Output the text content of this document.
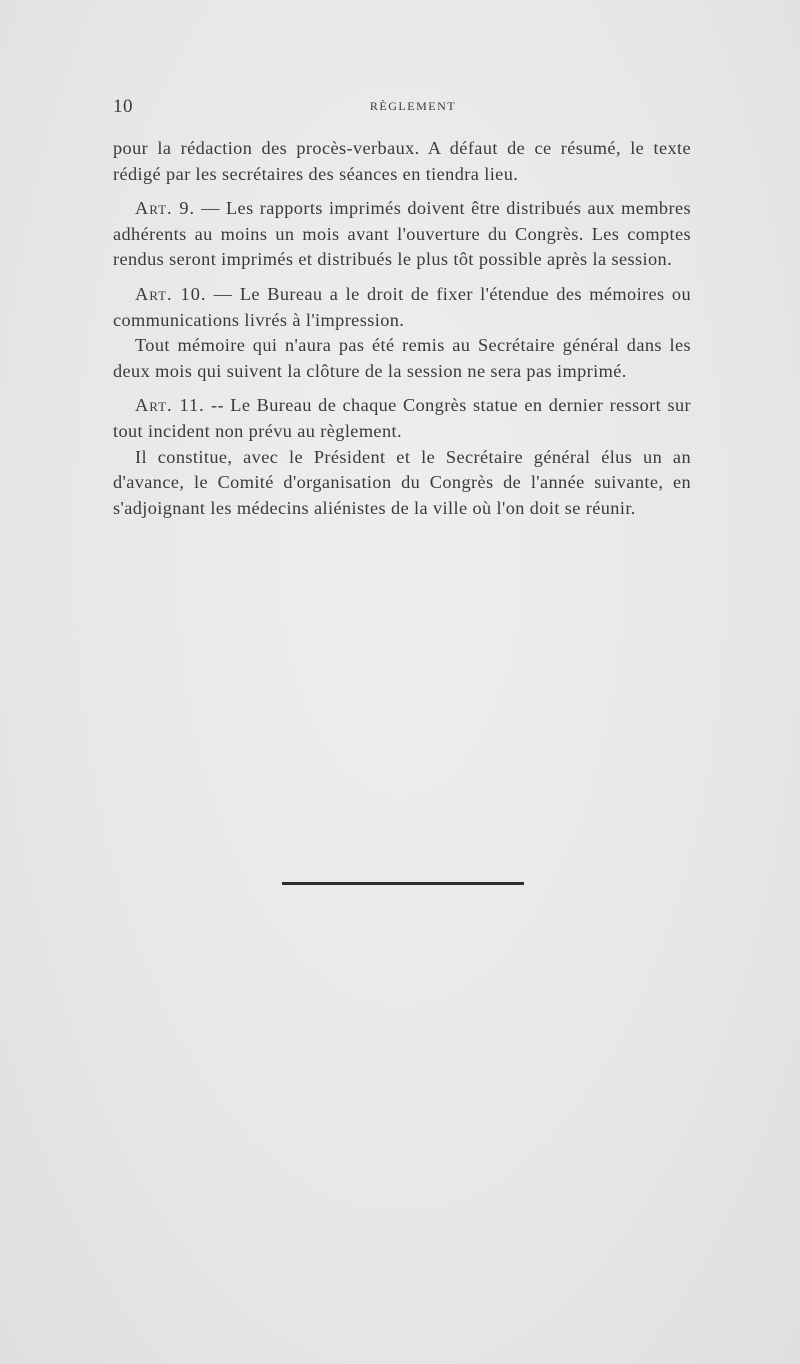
10	RÈGLEMENT

pour la rédaction des procès-verbaux. A défaut de ce résumé, le texte rédigé par les secrétaires des séances en tiendra lieu.

Art. 9. — Les rapports imprimés doivent être distribués aux membres adhérents au moins un mois avant l'ouverture du Congrès. Les comptes rendus seront imprimés et distribués le plus tôt possible après la session.

Art. 10. — Le Bureau a le droit de fixer l'étendue des mémoires ou communications livrés à l'impression.

Tout mémoire qui n'aura pas été remis au Secrétaire général dans les deux mois qui suivent la clôture de la session ne sera pas imprimé.

Art. 11. -- Le Bureau de chaque Congrès statue en dernier ressort sur tout incident non prévu au règlement.

Il constitue, avec le Président et le Secrétaire général élus un an d'avance, le Comité d'organisation du Congrès de l'année suivante, en s'adjoignant les médecins aliénistes de la ville où l'on doit se réunir.
